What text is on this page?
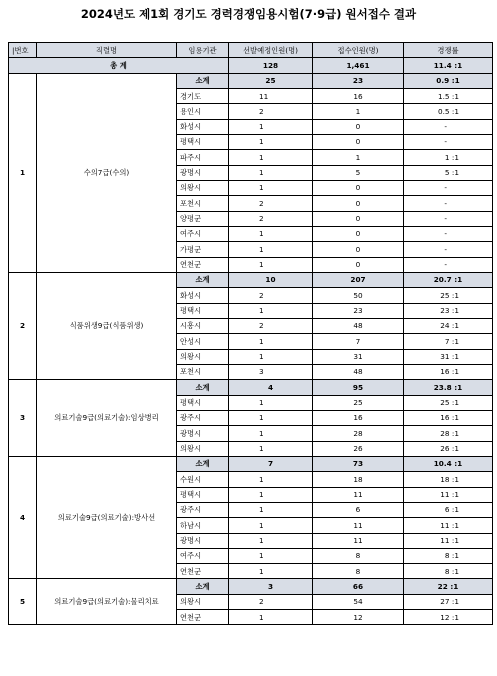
2024년도 제1회 경기도 경력경쟁임용시험(7·9급) 원서접수 결과
|번호	직렬명	임용기관	선발예정인원(명)	접수인원(명)	경쟁률
총 계			128	1,461	11.4 :1
1	수의7급(수의)	소계	25	23	0.9 :1
		경기도	11	16	1.5 :1
		용인시	2	1	0.5 :1
		화성시	1	0	-
		평택시	1	0	-
		파주시	1	1	1 :1
		광명시	1	5	5 :1
		의왕시	1	0	-
		포천시	2	0	-
		양평군	2	0	-
		여주시	1	0	-
		가평군	1	0	-
		연천군	1	0	-
2	식품위생9급(식품위생)	소계	10	207	20.7 :1
		화성시	2	50	25 :1
		평택시	1	23	23 :1
		시흥시	2	48	24 :1
		안성시	1	7	7 :1
		의왕시	1	31	31 :1
		포천시	3	48	16 :1
3	의료기술9급(의료기술):임상병리	소계	4	95	23.8 :1
		평택시	1	25	25 :1
		광주시	1	16	16 :1
		광명시	1	28	28 :1
		의왕시	1	26	26 :1
4	의료기술9급(의료기술):방사선	소계	7	73	10.4 :1
		수원시	1	18	18 :1
		평택시	1	11	11 :1
		광주시	1	6	6 :1
		하남시	1	11	11 :1
		광명시	1	11	11 :1
		여주시	1	8	8 :1
		연천군	1	8	8 :1
5	의료기술9급(의료기술):물리치료	소계	3	66	22 :1
		의왕시	2	54	27 :1
		연천군	1	12	12 :1
